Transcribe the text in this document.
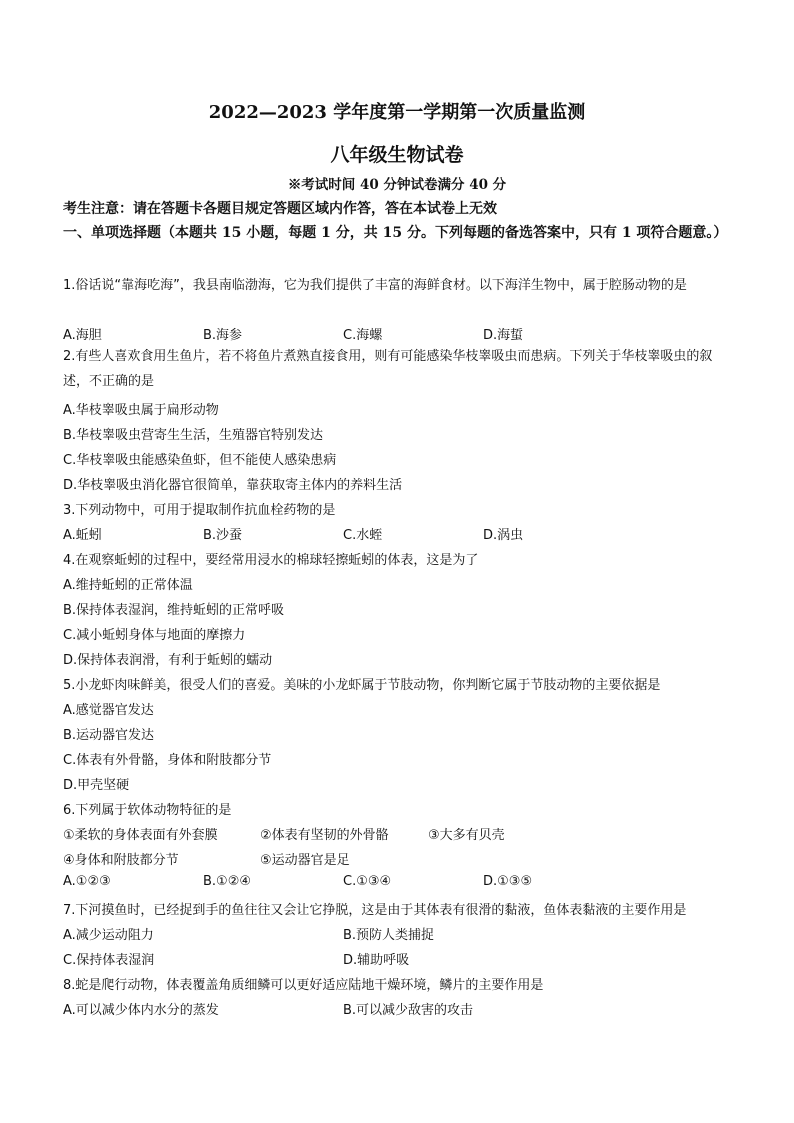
2022—2023 学年度第一学期第一次质量监测
八年级生物试卷
※考试时间 40 分钟试卷满分 40 分
考生注意：请在答题卡各题目规定答题区域内作答，答在本试卷上无效
一、单项选择题（本题共 15 小题，每题 1 分，共 15 分。下列每题的备选答案中，只有 1 项符合题意。）
1.俗话说“靠海吃海”，我县南临渤海，它为我们提供了丰富的海鲜食材。以下海洋生物中，属于腔肠动物的是
A.海胆	B.海参	C.海螺	D.海蜇
2.有些人喜欢食用生鱼片，若不将鱼片煮熟直接食用，则有可能感染华枝睾吸虫而患病。下列关于华枝睾吸虫的叙述，不正确的是
A.华枝睾吸虫属于扁形动物
B.华枝睾吸虫营寄生生活，生殖器官特别发达
C.华枝睾吸虫能感染鱼虾，但不能使人感染患病
D.华枝睾吸虫消化器官很简单，靠获取寄主体内的养料生活
3.下列动物中，可用于提取制作抗血栓药物的是
A.蚯蚓	B.沙蚕	C.水蛭	D.涡虫
4.在观察蚯蚓的过程中，要经常用浸水的棉球轻擦蚯蚓的体表，这是为了
A.维持蚯蚓的正常体温
B.保持体表湿润，维持蚯蚓的正常呼吸
C.减小蚯蚓身体与地面的摩擦力
D.保持体表润滑，有利于蚯蚓的蠕动
5.小龙虾肉味鲜美，很受人们的喜爱。美味的小龙虾属于节肢动物，你判断它属于节肢动物的主要依据是
A.感觉器官发达
B.运动器官发达
C.体表有外骨骼，身体和附肢都分节
D.甲壳坚硬
6.下列属于软体动物特征的是
①柔软的身体表面有外套膜	②体表有坚韧的外骨骼	③大多有贝壳
④身体和附肢都分节	⑤运动器官是足
A.①②③	B.①②④	C.①③④	D.①③⑤
7.下河摸鱼时，已经捉到手的鱼往往又会让它挣脱，这是由于其体表有很滑的黏液，鱼体表黏液的主要作用是
A.减少运动阻力	B.预防人类捕捉
C.保持体表湿润	D.辅助呼吸
8.蛇是爬行动物，体表覆盖角质细鳞可以更好适应陆地干燥环境，鳞片的主要作用是
A.可以减少体内水分的蒸发	B.可以减少敌害的攻击
